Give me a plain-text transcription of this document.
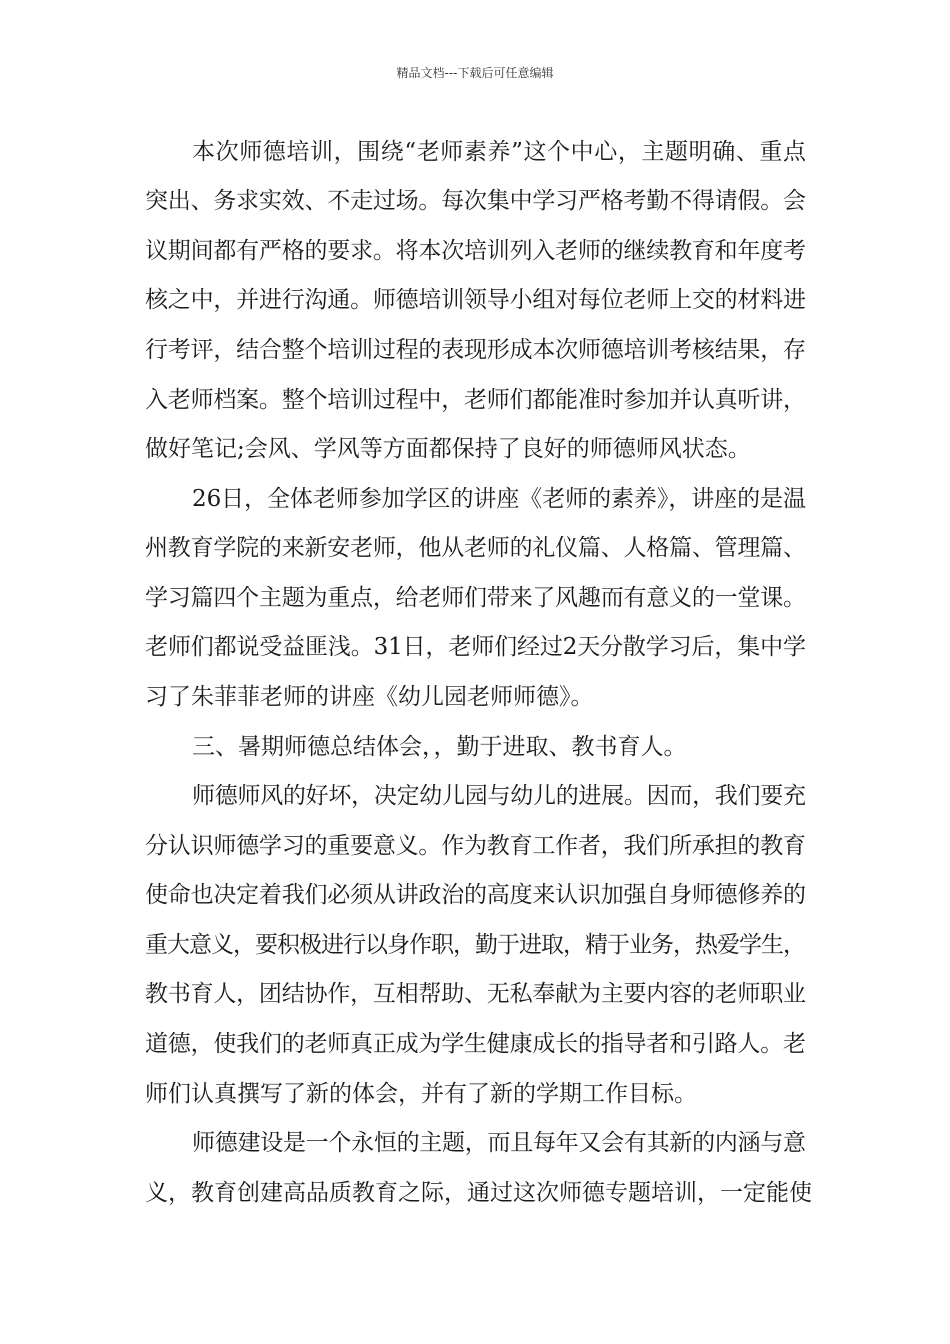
精品文档---下载后可任意编辑
本次师德培训，围绕“老师素养”这个中心，主题明确、重点
突出、务求实效、不走过场。每次集中学习严格考勤不得请假。会
议期间都有严格的要求。将本次培训列入老师的继续教育和年度考
核之中，并进行沟通。师德培训领导小组对每位老师上交的材料进
行考评，结合整个培训过程的表现形成本次师德培训考核结果，存
入老师档案。整个培训过程中，老师们都能准时参加并认真听讲，
做好笔记;会风、学风等方面都保持了良好的师德师风状态。
26日，全体老师参加学区的讲座《老师的素养》，讲座的是温
州教育学院的来新安老师，他从老师的礼仪篇、人格篇、管理篇、
学习篇四个主题为重点，给老师们带来了风趣而有意义的一堂课。
老师们都说受益匪浅。31日，老师们经过2天分散学习后，集中学
习了朱菲菲老师的讲座《幼儿园老师师德》。
三、暑期师德总结体会，，勤于进取、教书育人。
师德师风的好坏，决定幼儿园与幼儿的进展。因而，我们要充
分认识师德学习的重要意义。作为教育工作者，我们所承担的教育
使命也决定着我们必须从讲政治的高度来认识加强自身师德修养的
重大意义，要积极进行以身作职，勤于进取，精于业务，热爱学生，
教书育人，团结协作，互相帮助、无私奉献为主要内容的老师职业
道德，使我们的老师真正成为学生健康成长的指导者和引路人。老
师们认真撰写了新的体会，并有了新的学期工作目标。
师德建设是一个永恒的主题，而且每年又会有其新的内涵与意
义，教育创建高品质教育之际，通过这次师德专题培训，一定能使
